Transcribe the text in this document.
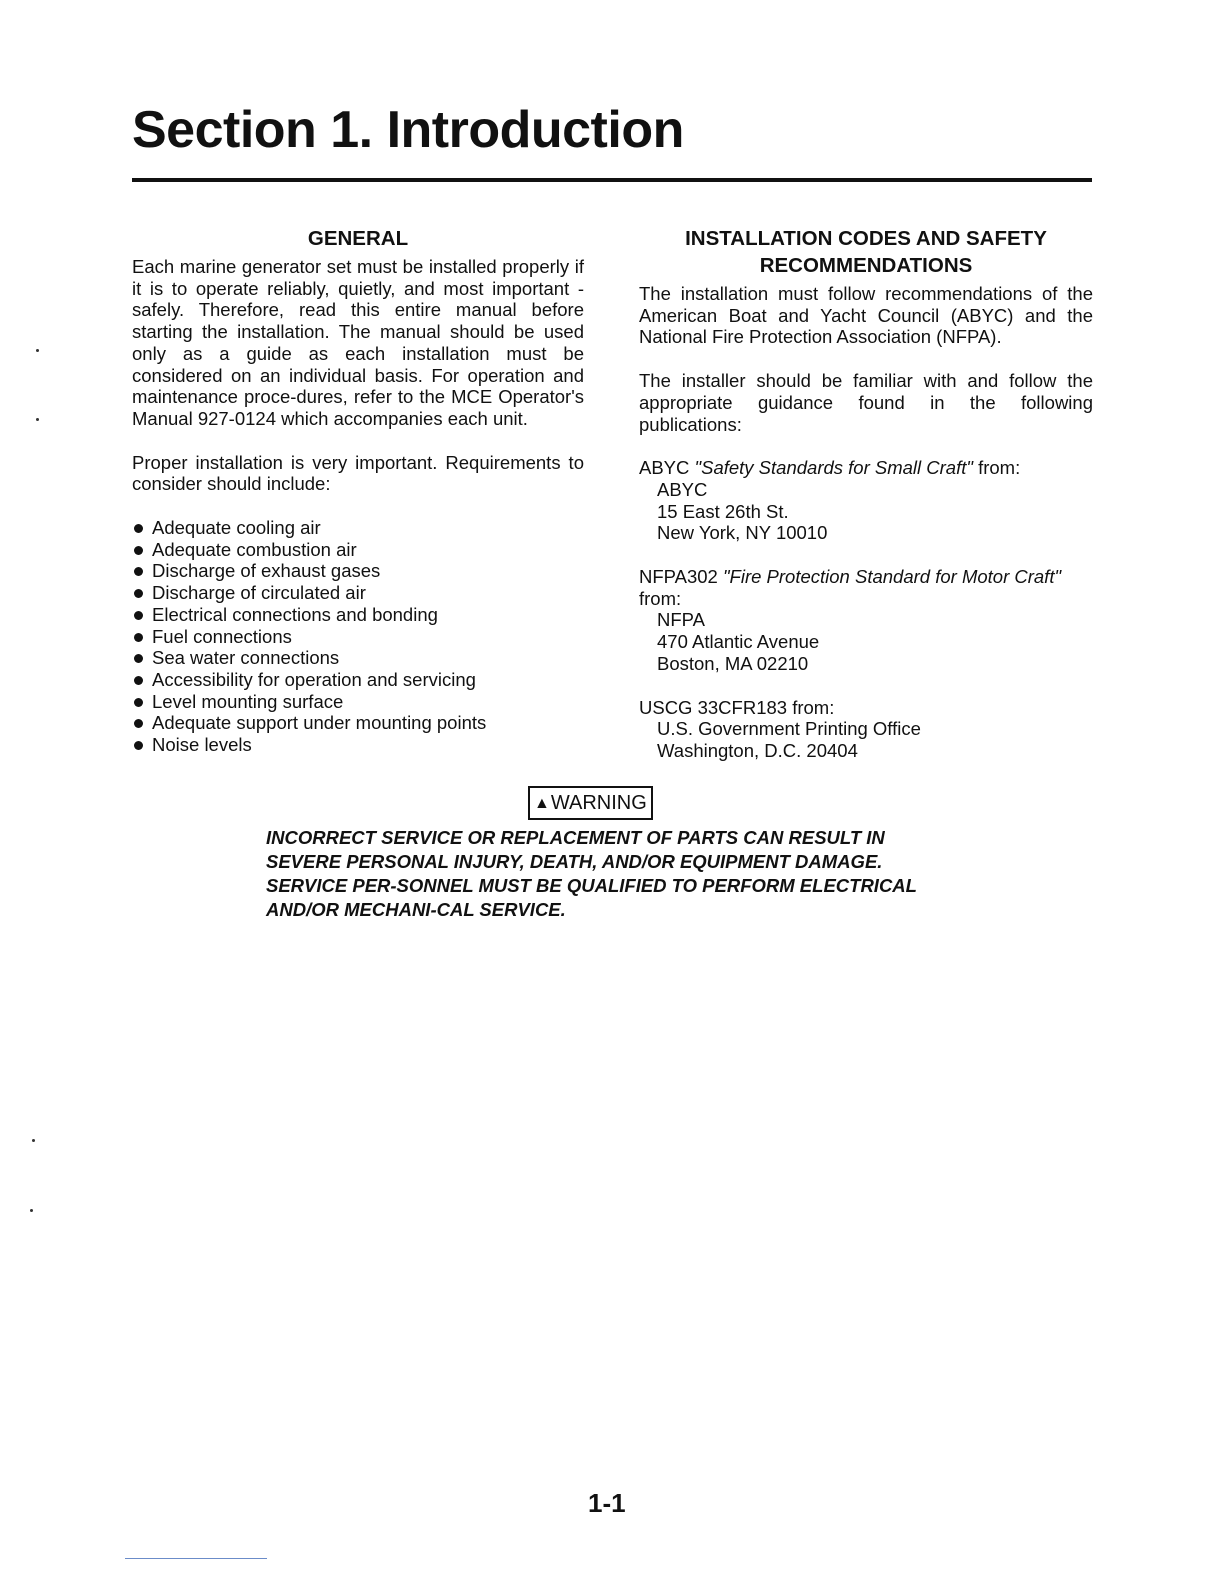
Section 1. Introduction
GENERAL

Each marine generator set must be installed properly if it is to operate reliably, quietly, and most important - safely. Therefore, read this entire manual before starting the installation. The manual should be used only as a guide as each installation must be considered on an individual basis. For operation and maintenance proce-dures, refer to the MCE Operator's Manual 927-0124 which accompanies each unit.

Proper installation is very important. Requirements to consider should include:

Adequate cooling air
Adequate combustion air
Discharge of exhaust gases
Discharge of circulated air
Electrical connections and bonding
Fuel connections
Sea water connections
Accessibility for operation and servicing
Level mounting surface
Adequate support under mounting points
Noise levels
INSTALLATION CODES AND SAFETY
RECOMMENDATIONS

The installation must follow recommendations of the American Boat and Yacht Council (ABYC) and the National Fire Protection Association (NFPA).

The installer should be familiar with and follow the appropriate guidance found in the following publications:

ABYC "Safety Standards for Small Craft" from:
ABYC
15 East 26th St.
New York, NY 10010
NFPA302 "Fire Protection Standard for Motor Craft" from:
NFPA
470 Atlantic Avenue
Boston, MA 02210
USCG 33CFR183 from:
U.S. Government Printing Office
Washington, D.C. 20404
▲WARNING

INCORRECT SERVICE OR REPLACEMENT OF PARTS CAN RESULT IN SEVERE PERSONAL INJURY, DEATH, AND/OR EQUIPMENT DAMAGE. SERVICE PER-SONNEL MUST BE QUALIFIED TO PERFORM ELECTRICAL AND/OR MECHANI-CAL SERVICE.

1-1
